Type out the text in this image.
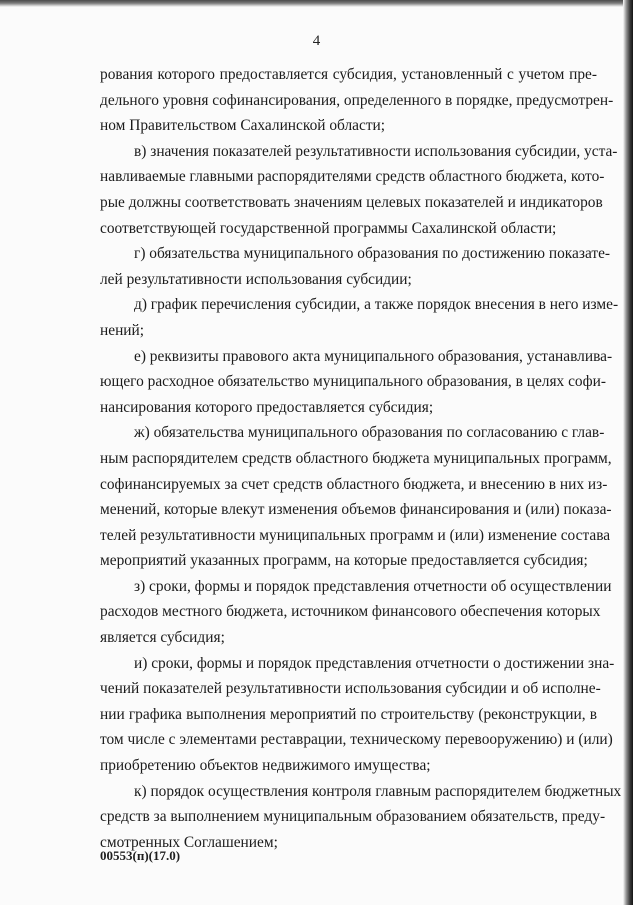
4
рования которого предоставляется субсидия, установленный с учетом пре-
дельного уровня софинансирования, определенного в порядке, предусмотрен-
ном Правительством Сахалинской области;
в) значения показателей результативности использования субсидии, уста-
навливаемые главными распорядителями средств областного бюджета, кото-
рые должны соответствовать значениям целевых показателей и индикаторов
соответствующей государственной программы Сахалинской области;
г) обязательства муниципального образования по достижению показате-
лей результативности использования субсидии;
д) график перечисления субсидии, а также порядок внесения в него изме-
нений;
е) реквизиты правового акта муниципального образования, устанавлива-
ющего расходное обязательство муниципального образования, в целях софи-
нансирования которого предоставляется субсидия;
ж) обязательства муниципального образования по согласованию с глав-
ным распорядителем средств областного бюджета муниципальных программ,
софинансируемых за счет средств областного бюджета, и внесению в них из-
менений, которые влекут изменения объемов финансирования и (или) показа-
телей результативности муниципальных программ и (или) изменение состава
мероприятий указанных программ, на которые предоставляется субсидия;
з) сроки, формы и порядок представления отчетности об осуществлении
расходов местного бюджета, источником финансового обеспечения которых
является субсидия;
и) сроки, формы и порядок представления отчетности о достижении зна-
чений показателей результативности использования субсидии и об исполне-
нии графика выполнения мероприятий по строительству (реконструкции, в
том числе с элементами реставрации, техническому перевооружению) и (или)
приобретению объектов недвижимого имущества;
к) порядок осуществления контроля главным распорядителем бюджетных
средств за выполнением муниципальным образованием обязательств, преду-
смотренных Соглашением;
00553(п)(17.0)
